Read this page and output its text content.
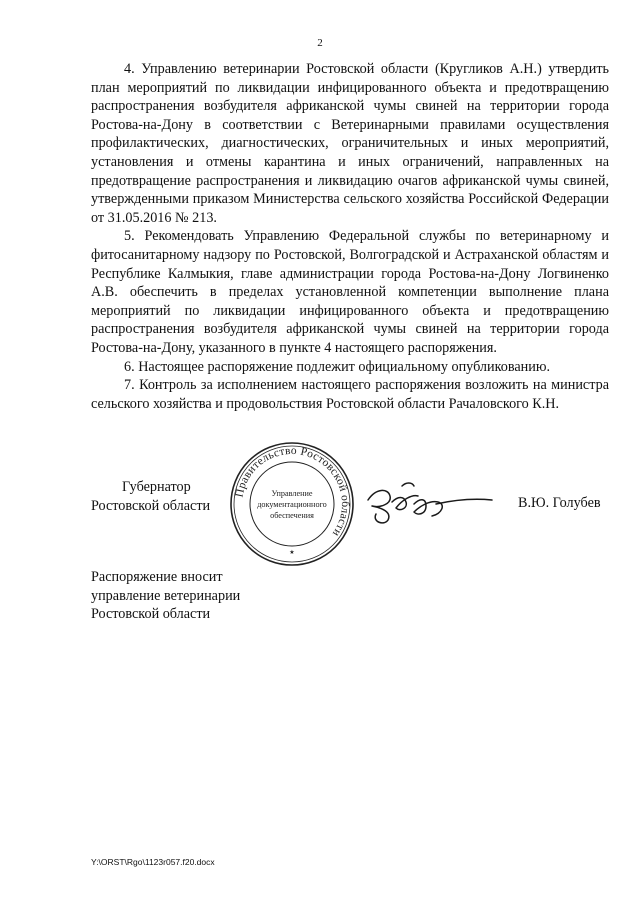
2

4. Управлению ветеринарии Ростовской области (Кругликов А.Н.) утвердить план мероприятий по ликвидации инфицированного объекта и предотвращению распространения возбудителя африканской чумы свиней на территории города Ростова-на-Дону в соответствии с Ветеринарными правилами осуществления профилактических, диагностических, ограничительных и иных мероприятий, установления и отмены карантина и иных ограничений, направленных на предотвращение распространения и ликвидацию очагов африканской чумы свиней, утвержденными приказом Министерства сельского хозяйства Российской Федерации от 31.05.2016 № 213.

5. Рекомендовать Управлению Федеральной службы по ветеринарному и фитосанитарному надзору по Ростовской, Волгоградской и Астраханской областям и Республике Калмыкия, главе администрации города Ростова-на-Дону Логвиненко А.В. обеспечить в пределах установленной компетенции выполнение плана мероприятий по ликвидации инфицированного объекта и предотвращению распространения возбудителя африканской чумы свиней на территории города Ростова-на-Дону, указанного в пункте 4 настоящего распоряжения.

6. Настоящее распоряжение подлежит официальному опубликованию.

7. Контроль за исполнением настоящего распоряжения возложить на министра сельского хозяйства и продовольствия Ростовской области Рачаловского К.Н.

Губернатор
Ростовской области
Правительство Ростовской области
Управление
документационного
обеспечения
★
В.Ю. Голубев
Распоряжение вносит
управление ветеринарии
Ростовской области
Y:\ORST\Rgo\1123r057.f20.docx
